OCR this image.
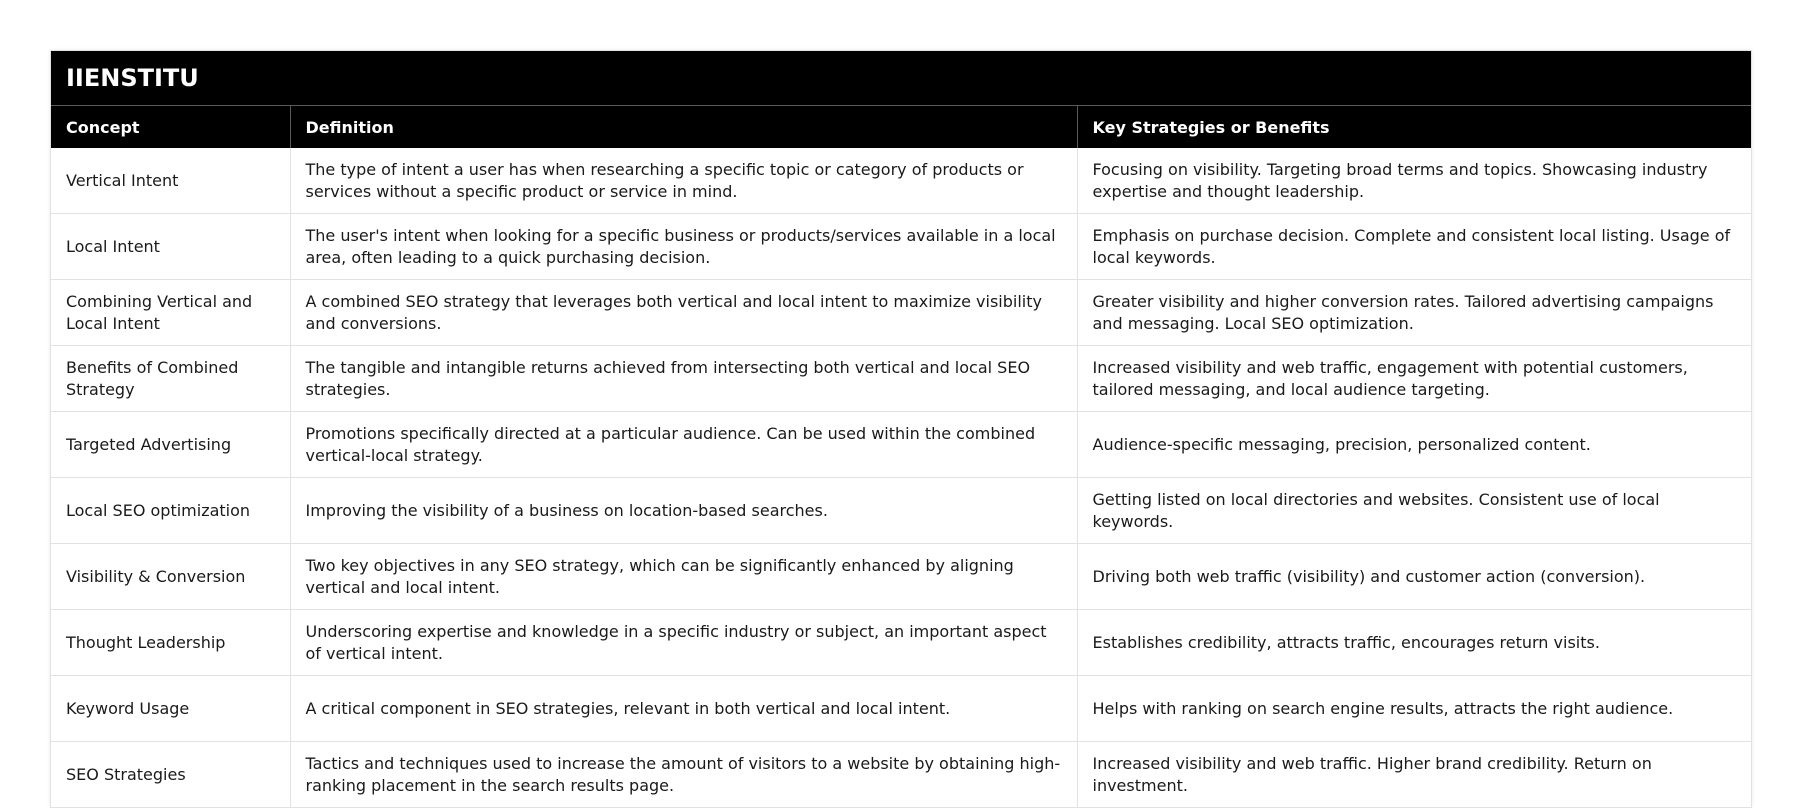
IIENSTITU		
Concept	Definition	Key Strategies or Benefits
Vertical Intent	The type of intent a user has when researching a specific topic or category of products or services without a specific product or service in mind.	Focusing on visibility. Targeting broad terms and topics. Showcasing industry expertise and thought leadership.
Local Intent	The user's intent when looking for a specific business or products/services available in a local area, often leading to a quick purchasing decision.	Emphasis on purchase decision. Complete and consistent local listing. Usage of local keywords.
Combining Vertical and Local Intent	A combined SEO strategy that leverages both vertical and local intent to maximize visibility and conversions.	Greater visibility and higher conversion rates. Tailored advertising campaigns and messaging. Local SEO optimization.
Benefits of Combined Strategy	The tangible and intangible returns achieved from intersecting both vertical and local SEO strategies.	Increased visibility and web traffic, engagement with potential customers, tailored messaging, and local audience targeting.
Targeted Advertising	Promotions specifically directed at a particular audience. Can be used within the combined vertical-local strategy.	Audience-specific messaging, precision, personalized content.
Local SEO optimization	Improving the visibility of a business on location-based searches.	Getting listed on local directories and websites. Consistent use of local keywords.
Visibility & Conversion	Two key objectives in any SEO strategy, which can be significantly enhanced by aligning vertical and local intent.	Driving both web traffic (visibility) and customer action (conversion).
Thought Leadership	Underscoring expertise and knowledge in a specific industry or subject, an important aspect of vertical intent.	Establishes credibility, attracts traffic, encourages return visits.
Keyword Usage	A critical component in SEO strategies, relevant in both vertical and local intent.	Helps with ranking on search engine results, attracts the right audience.
SEO Strategies	Tactics and techniques used to increase the amount of visitors to a website by obtaining high-ranking placement in the search results page.	Increased visibility and web traffic. Higher brand credibility. Return on investment.
